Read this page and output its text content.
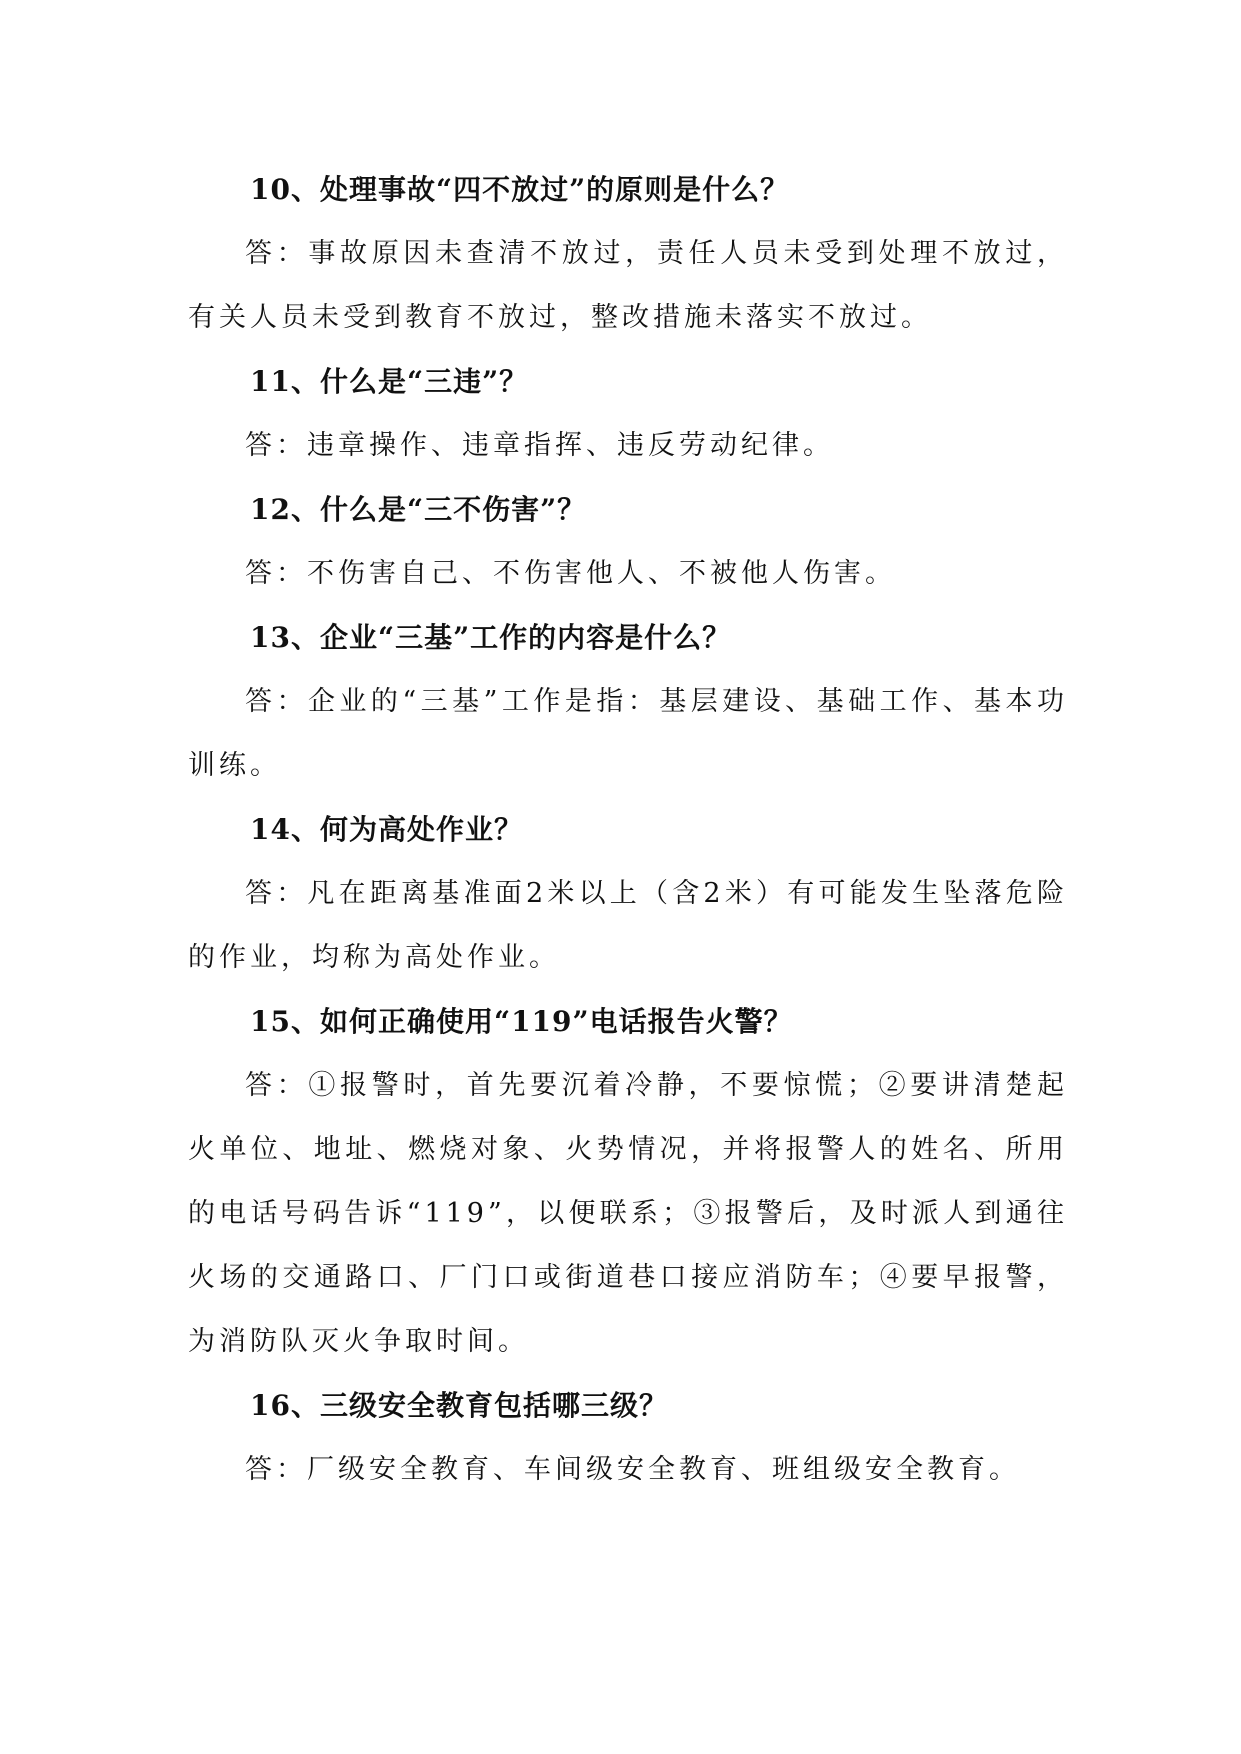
10、处理事故“四不放过”的原则是什么？
答：事故原因未查清不放过，责任人员未受到处理不放过，有关人员未受到教育不放过，整改措施未落实不放过。
11、什么是“三违”？
答：违章操作、违章指挥、违反劳动纪律。
12、什么是“三不伤害”？
答：不伤害自己、不伤害他人、不被他人伤害。
13、企业“三基”工作的内容是什么？
答：企业的“三基”工作是指：基层建设、基础工作、基本功训练。
14、何为高处作业？
答：凡在距离基准面2米以上（含2米）有可能发生坠落危险的作业，均称为高处作业。
15、如何正确使用“119”电话报告火警？
答：①报警时，首先要沉着冷静，不要惊慌；②要讲清楚起火单位、地址、燃烧对象、火势情况，并将报警人的姓名、所用的电话号码告诉“119”，以便联系；③报警后，及时派人到通往火场的交通路口、厂门口或街道巷口接应消防车；④要早报警，为消防队灭火争取时间。
16、三级安全教育包括哪三级？
答：厂级安全教育、车间级安全教育、班组级安全教育。
